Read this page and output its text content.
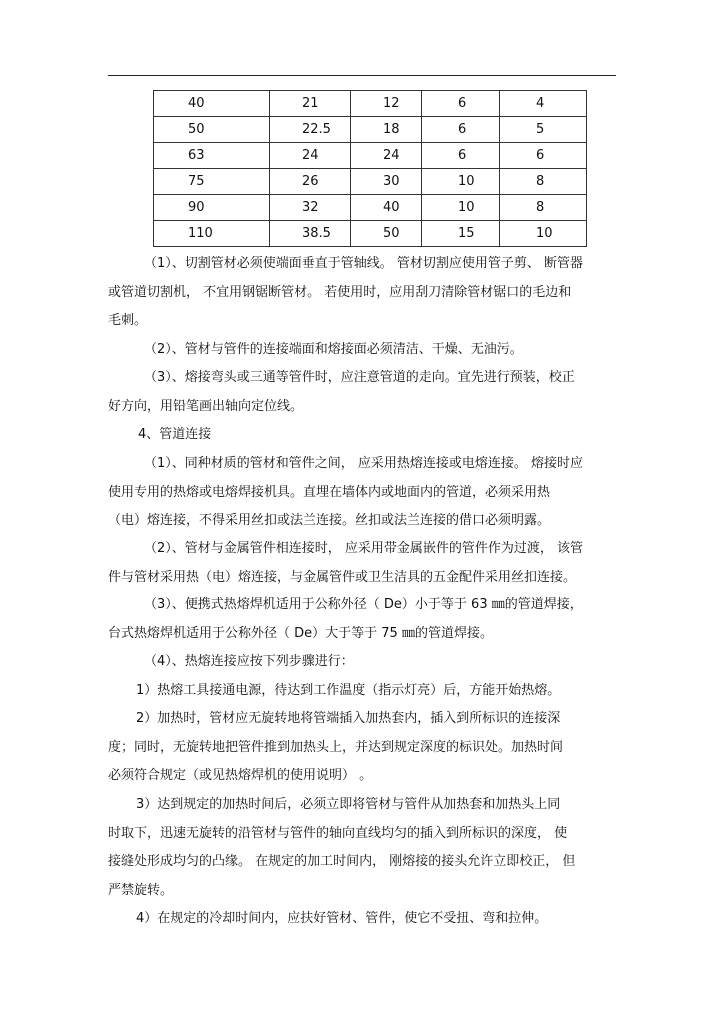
40	21	12	6	4
50	22.5	18	6	5
63	24	24	6	6
75	26	30	10	8
90	32	40	10	8
110	38.5	50	15	10
（1）、切割管材必须使端面垂直于管轴线。 管材切割应使用管子剪、 断管器
或管道切割机， 不宜用钢锯断管材。 若使用时，应用刮刀清除管材锯口的毛边和
毛刺。
（2）、管材与管件的连接端面和熔接面必须清洁、干燥、无油污。
（3）、熔接弯头或三通等管件时，应注意管道的走向。宜先进行预装，校正
好方向，用铅笔画出轴向定位线。
4、管道连接
（1）、同种材质的管材和管件之间， 应采用热熔连接或电熔连接。 熔接时应
使用专用的热熔或电熔焊接机具。直埋在墙体内或地面内的管道，必须采用热
（电）熔连接，不得采用丝扣或法兰连接。丝扣或法兰连接的借口必须明露。
（2）、管材与金属管件相连接时， 应采用带金属嵌件的管件作为过渡， 该管
件与管材采用热（电）熔连接，与金属管件或卫生洁具的五金配件采用丝扣连接。
（3）、便携式热熔焊机适用于公称外径（ De）小于等于 63 ㎜的管道焊接，
台式热熔焊机适用于公称外径（ De）大于等于 75 ㎜的管道焊接。
（4）、热熔连接应按下列步骤进行：
1）热熔工具接通电源，待达到工作温度（指示灯亮）后，方能开始热熔。
2）加热时，管材应无旋转地将管端插入加热套内，插入到所标识的连接深
度；同时，无旋转地把管件推到加热头上，并达到规定深度的标识处。加热时间
必须符合规定（或见热熔焊机的使用说明） 。
3）达到规定的加热时间后，必须立即将管材与管件从加热套和加热头上同
时取下，迅速无旋转的沿管材与管件的轴向直线均匀的插入到所标识的深度， 使
接缝处形成均匀的凸缘。 在规定的加工时间内， 刚熔接的接头允许立即校正， 但
严禁旋转。
4）在规定的冷却时间内，应扶好管材、管件，使它不受扭、弯和拉伸。
